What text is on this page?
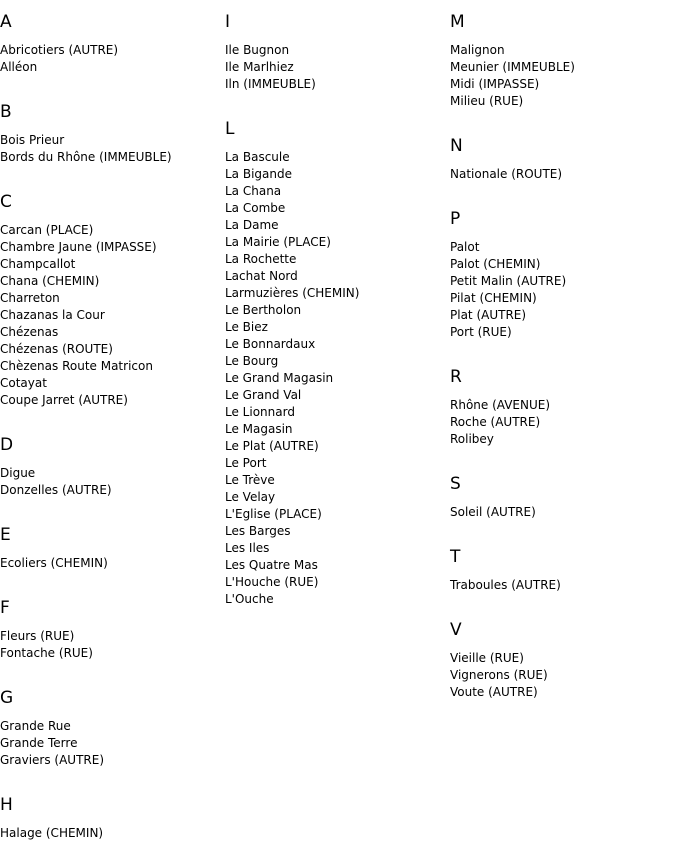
A
Abricotiers (AUTRE)
Alléon
B
Bois Prieur
Bords du Rhône (IMMEUBLE)
C
Carcan (PLACE)
Chambre Jaune (IMPASSE)
Champcallot
Chana (CHEMIN)
Charreton
Chazanas la Cour
Chézenas
Chézenas (ROUTE)
Chèzenas Route Matricon
Cotayat
Coupe Jarret (AUTRE)
D
Digue
Donzelles (AUTRE)
E
Ecoliers (CHEMIN)
F
Fleurs (RUE)
Fontache (RUE)
G
Grande Rue
Grande Terre
Graviers (AUTRE)
H
Halage (CHEMIN)
I
Ile Bugnon
Ile Marlhiez
Iln (IMMEUBLE)
L
La Bascule
La Bigande
La Chana
La Combe
La Dame
La Mairie (PLACE)
La Rochette
Lachat Nord
Larmuzières (CHEMIN)
Le Bertholon
Le Biez
Le Bonnardaux
Le Bourg
Le Grand Magasin
Le Grand Val
Le Lionnard
Le Magasin
Le Plat (AUTRE)
Le Port
Le Trève
Le Velay
L'Eglise (PLACE)
Les Barges
Les Iles
Les Quatre Mas
L'Houche (RUE)
L'Ouche
M
Malignon
Meunier (IMMEUBLE)
Midi (IMPASSE)
Milieu (RUE)
N
Nationale (ROUTE)
P
Palot
Palot (CHEMIN)
Petit Malin (AUTRE)
Pilat (CHEMIN)
Plat (AUTRE)
Port (RUE)
R
Rhône (AVENUE)
Roche (AUTRE)
Rolibey
S
Soleil (AUTRE)
T
Traboules (AUTRE)
V
Vieille (RUE)
Vignerons (RUE)
Voute (AUTRE)
